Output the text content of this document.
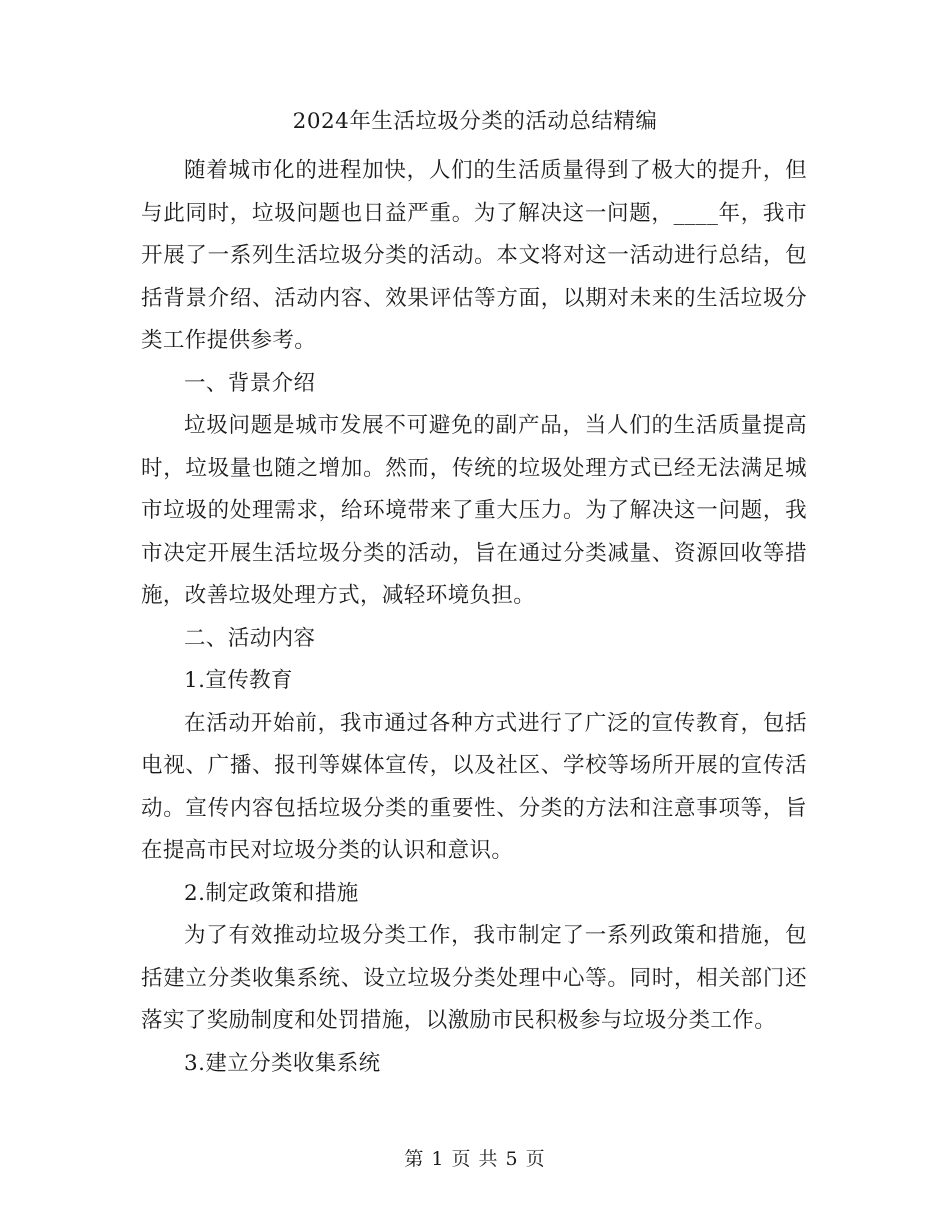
2024年生活垃圾分类的活动总结精编

随着城市化的进程加快，人们的生活质量得到了极大的提升，但与此同时，垃圾问题也日益严重。为了解决这一问题，____年，我市开展了一系列生活垃圾分类的活动。本文将对这一活动进行总结，包括背景介绍、活动内容、效果评估等方面，以期对未来的生活垃圾分类工作提供参考。

一、背景介绍

垃圾问题是城市发展不可避免的副产品，当人们的生活质量提高时，垃圾量也随之增加。然而，传统的垃圾处理方式已经无法满足城市垃圾的处理需求，给环境带来了重大压力。为了解决这一问题，我市决定开展生活垃圾分类的活动，旨在通过分类减量、资源回收等措施，改善垃圾处理方式，减轻环境负担。

二、活动内容

1.宣传教育

在活动开始前，我市通过各种方式进行了广泛的宣传教育，包括电视、广播、报刊等媒体宣传，以及社区、学校等场所开展的宣传活动。宣传内容包括垃圾分类的重要性、分类的方法和注意事项等，旨在提高市民对垃圾分类的认识和意识。

2.制定政策和措施

为了有效推动垃圾分类工作，我市制定了一系列政策和措施，包括建立分类收集系统、设立垃圾分类处理中心等。同时，相关部门还落实了奖励制度和处罚措施，以激励市民积极参与垃圾分类工作。

3.建立分类收集系统

第 1 页 共 5 页
